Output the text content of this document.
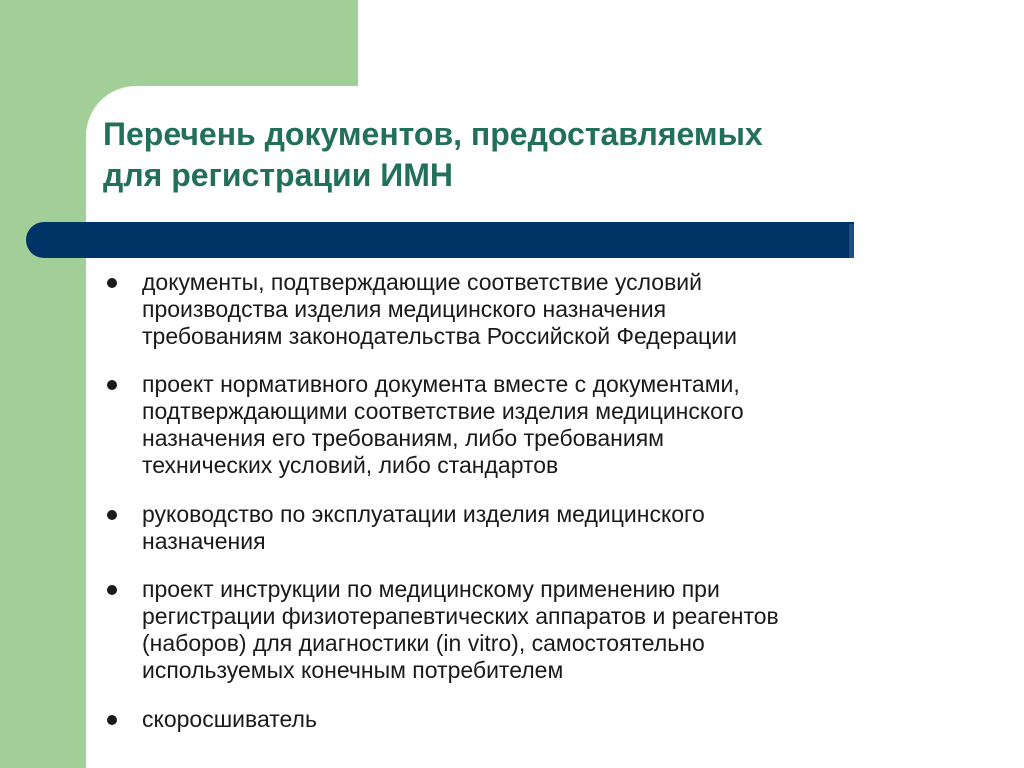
Перечень документов, предоставляемых
для регистрации ИМН
документы, подтверждающие соответствие условий
производства изделия медицинского назначения
требованиям законодательства Российской Федерации
проект нормативного документа вместе с документами,
подтверждающими соответствие изделия медицинского
назначения его требованиям, либо требованиям
технических условий, либо стандартов
руководство по эксплуатации изделия медицинского
назначения
проект инструкции по медицинскому применению при
регистрации физиотерапевтических аппаратов и реагентов
(наборов) для диагностики (in vitro), самостоятельно
используемых конечным потребителем
скоросшиватель
